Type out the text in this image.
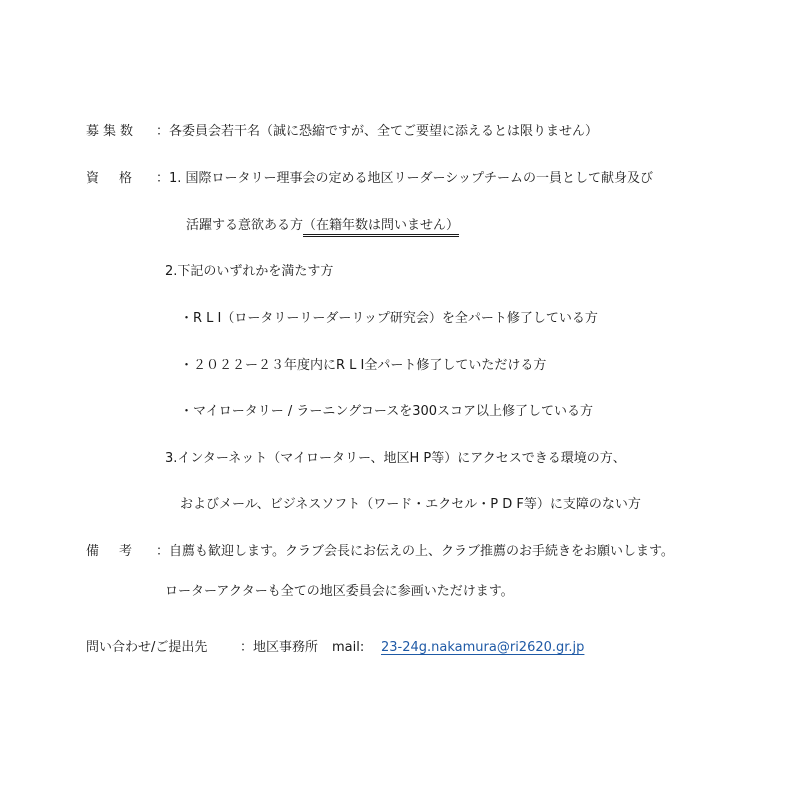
募集数 ：各委員会若干名（誠に恐縮ですが、全てご要望に添えるとは限りません）
資格 ：1. 国際ロータリー理事会の定める地区リーダーシップチームの一員として献身及び
活躍する意欲ある方（在籍年数は問いません）
2.下記のいずれかを満たす方
・R L I（ロータリーリーダーリップ研究会）を全パート修了している方
・２０２２ー２３年度内にR L I全パート修了していただける方
・マイロータリー / ラーニングコースを300スコア以上修了している方
3.インターネット（マイロータリー、地区H P等）にアクセスできる環境の方、
およびメール、ビジネスソフト（ワード・エクセル・P D F等）に支障のない方
備考 ：自薦も歓迎します。クラブ会長にお伝えの上、クラブ推薦のお手続きをお願いします。
ローターアクターも全ての地区委員会に参画いただけます。
問い合わせ/ご提出先	：地区事務所 mail: 23-24g.nakamura@ri2620.gr.jp
